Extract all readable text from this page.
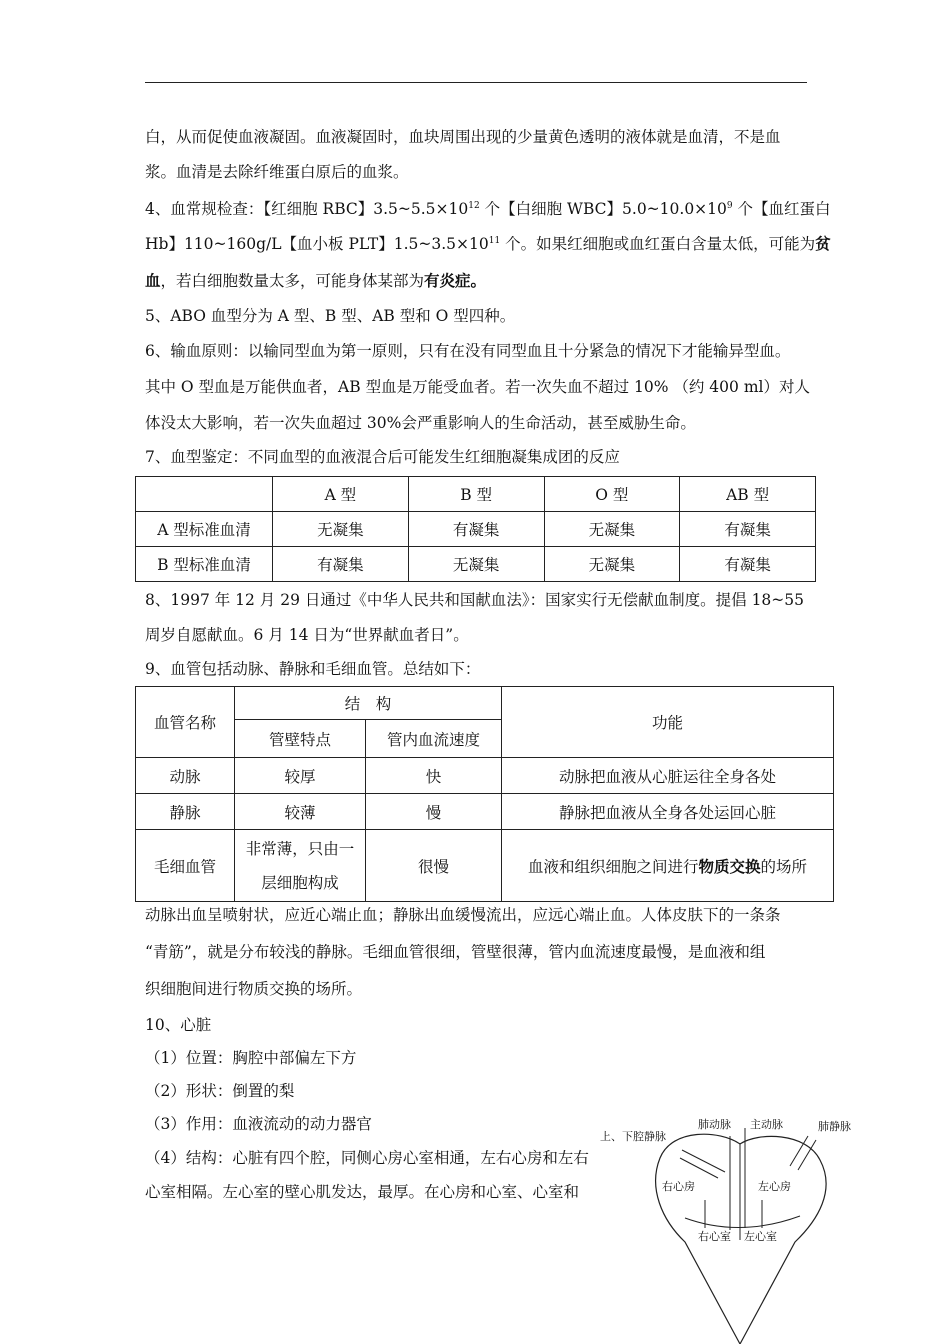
白，从而促使血液凝固。血液凝固时，血块周围出现的少量黄色透明的液体就是血清，不是血
浆。血清是去除纤维蛋白原后的血浆。
4、血常规检查：【红细胞 RBC】$3.5\sim 5.5\times 10^{12}$ 个【白细胞 WBC】$5.0\sim 10.0\times 10^9$ 个【血红蛋白
Hb】110~160g/L【血小板 PLT】$1.5\sim 3.5\times 10^{11}$ 个。如果红细胞或血红蛋白含量太低，可能为贫
血，若白细胞数量太多，可能身体某部为有炎症。
5、ABO 血型分为 A 型、B 型、AB 型和 O 型四种。
6、输血原则：以输同型血为第一原则，只有在没有同型血且十分紧急的情况下才能输异型血。
其中 O 型血是万能供血者，AB 型血是万能受血者。若一次失血不超过 10% （约 400 ml）对人
体没太大影响，若一次失血超过 30%会严重影响人的生命活动，甚至威胁生命。
7、血型鉴定：不同血型的血液混合后可能发生红细胞凝集成团的反应
	A 型	B 型	O 型	AB 型
A 型标准血清	无凝集	有凝集	无凝集	有凝集
B 型标准血清	有凝集	无凝集	无凝集	有凝集
8、1997 年 12 月 29 日通过《中华人民共和国献血法》：国家实行无偿献血制度。提倡 18~55
周岁自愿献血。6 月 14 日为“世界献血者日”。
9、血管包括动脉、静脉和毛细血管。总结如下：
血管名称	结　构		功能
	管壁特点	管内血流速度	
动脉	较厚	快	动脉把血液从心脏运往全身各处
静脉	较薄	慢	静脉把血液从全身各处运回心脏
毛细血管	非常薄，只由一
层细胞构成	很慢	血液和组织细胞之间进行物质交换的场所
动脉出血呈喷射状，应近心端止血；静脉出血缓慢流出，应远心端止血。人体皮肤下的一条条
“青筋”，就是分布较浅的静脉。毛细血管很细，管壁很薄，管内血流速度最慢，是血液和组
织细胞间进行物质交换的场所。
10、心脏
（1）位置：胸腔中部偏左下方
（2）形状：倒置的梨
（3）作用：血液流动的动力器官
（4）结构：心脏有四个腔，同侧心房心室相通，左右心房和左右
心室相隔。左心室的壁心肌发达，最厚。在心房和心室、心室和
上、下腔静脉
肺动脉 主动脉	肺静脉
右心房	左心房
右心室 左心室
